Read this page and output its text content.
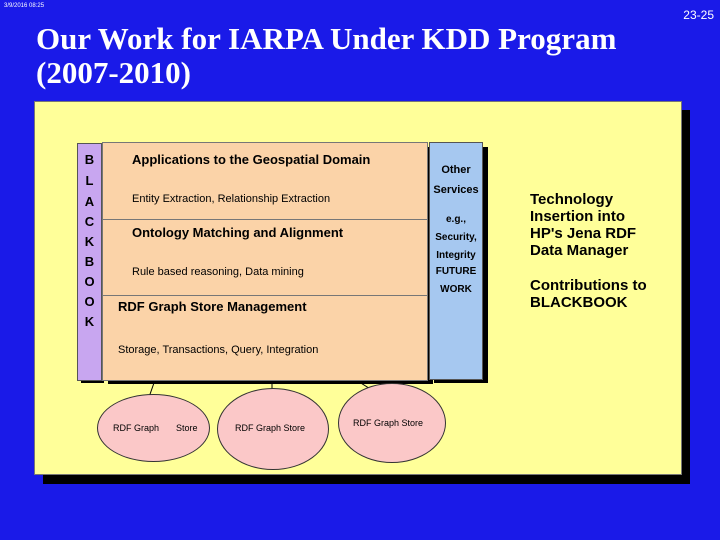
3/9/2016 08:25
23-25
Our Work for IARPA Under KDD Program
(2007-2010)
B
L
A
C
K
B
O
O
K
Applications to the Geospatial Domain
Entity Extraction, Relationship Extraction
Ontology Matching and Alignment
Rule based reasoning, Data mining
RDF Graph Store Management
Storage, Transactions, Query, Integration
Other
Services
e.g.,
Security,
Integrity
FUTURE
WORK
Technology
Insertion into
HP's Jena RDF
Data Manager
Contributions to
BLACKBOOK
RDF Graph Store	RDF Graph Store	RDF Graph Store
